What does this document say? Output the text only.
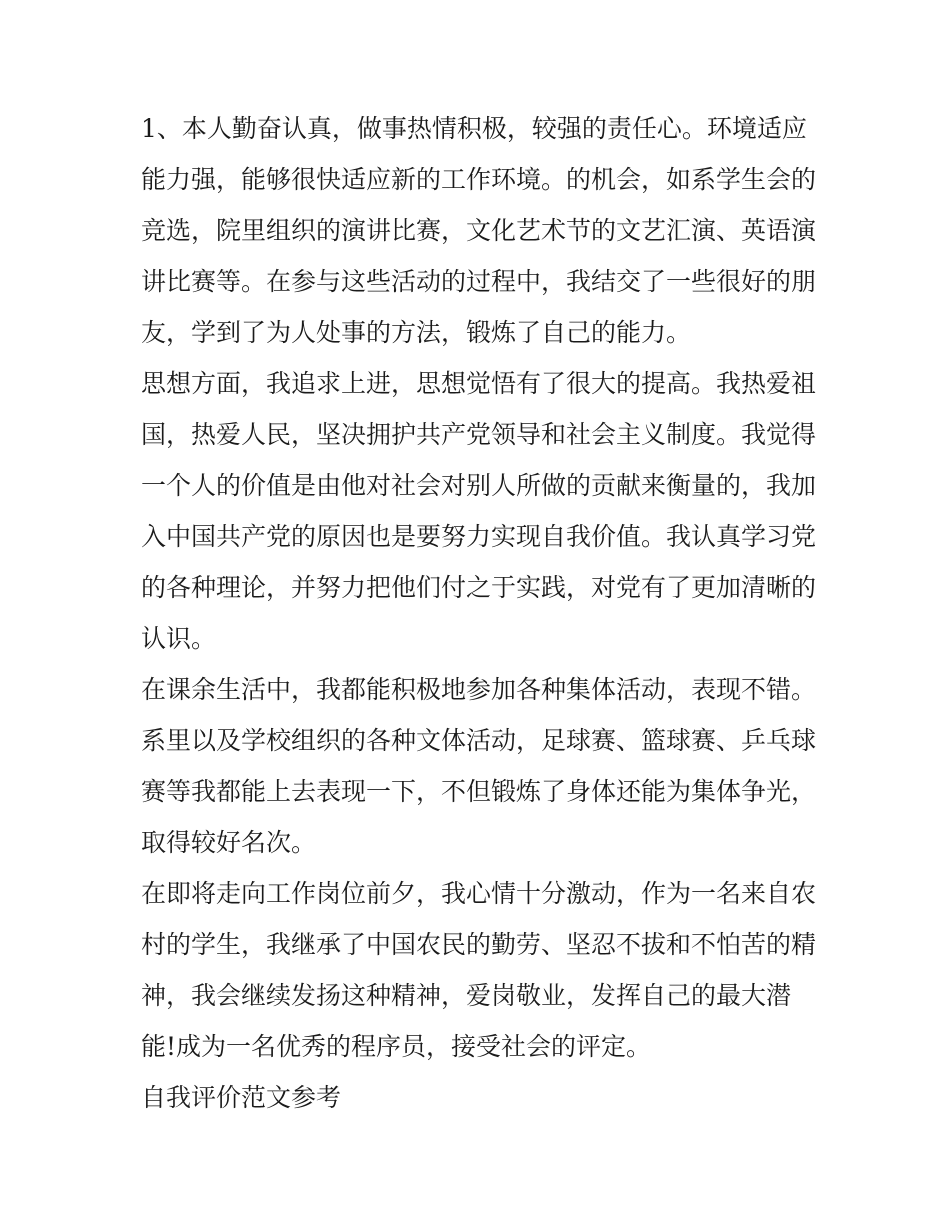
1、本人勤奋认真，做事热情积极，较强的责任心。环境适应
能力强，能够很快适应新的工作环境。的机会，如系学生会的
竞选，院里组织的演讲比赛，文化艺术节的文艺汇演、英语演
讲比赛等。在参与这些活动的过程中，我结交了一些很好的朋
友，学到了为人处事的方法，锻炼了自己的能力。

思想方面，我追求上进，思想觉悟有了很大的提高。我热爱祖
国，热爱人民，坚决拥护共产党领导和社会主义制度。我觉得
一个人的价值是由他对社会对别人所做的贡献来衡量的，我加
入中国共产党的原因也是要努力实现自我价值。我认真学习党
的各种理论，并努力把他们付之于实践，对党有了更加清晰的
认识。

在课余生活中，我都能积极地参加各种集体活动，表现不错。
系里以及学校组织的各种文体活动，足球赛、篮球赛、乒乓球
赛等我都能上去表现一下，不但锻炼了身体还能为集体争光，
取得较好名次。

在即将走向工作岗位前夕，我心情十分激动，作为一名来自农
村的学生，我继承了中国农民的勤劳、坚忍不拔和不怕苦的精
神，我会继续发扬这种精神，爱岗敬业，发挥自己的最大潜
能!成为一名优秀的程序员，接受社会的评定。

自我评价范文参考
